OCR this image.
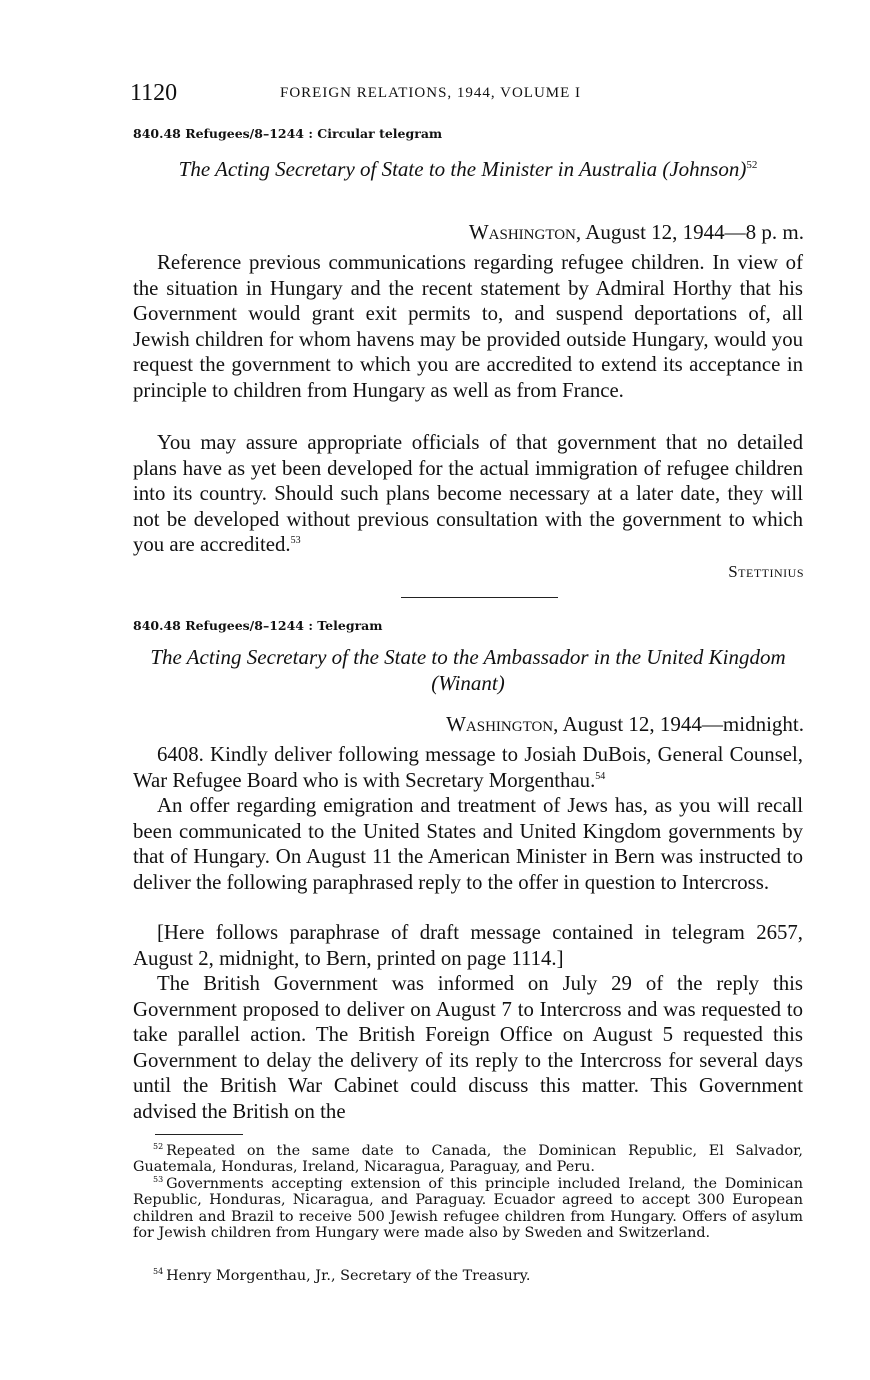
1120	FOREIGN RELATIONS, 1944, VOLUME I
840.48 Refugees/8–1244 : Circular telegram
The Acting Secretary of State to the Minister in Australia (Johnson)$^{52}$
Washington, August 12, 1944—8 p. m.

Reference previous communications regarding refugee children. In view of the situation in Hungary and the recent statement by Admiral Horthy that his Government would grant exit permits to, and suspend deportations of, all Jewish children for whom havens may be provided outside Hungary, would you request the government to which you are accredited to extend its acceptance in principle to children from Hungary as well as from France.

You may assure appropriate officials of that government that no detailed plans have as yet been developed for the actual immigration of refugee children into its country. Should such plans become necessary at a later date, they will not be developed without previous consultation with the government to which you are accredited.$^{53}$

Stettinius
840.48 Refugees/8–1244 : Telegram
The Acting Secretary of the State to the Ambassador in the United Kingdom (Winant)
Washington, August 12, 1944—midnight.

6408. Kindly deliver following message to Josiah DuBois, General Counsel, War Refugee Board who is with Secretary Morgenthau.$^{54}$

An offer regarding emigration and treatment of Jews has, as you will recall been communicated to the United States and United Kingdom governments by that of Hungary. On August 11 the American Minister in Bern was instructed to deliver the following paraphrased reply to the offer in question to Intercross.

[Here follows paraphrase of draft message contained in telegram 2657, August 2, midnight, to Bern, printed on page 1114.]

The British Government was informed on July 29 of the reply this Government proposed to deliver on August 7 to Intercross and was requested to take parallel action. The British Foreign Office on August 5 requested this Government to delay the delivery of its reply to the Intercross for several days until the British War Cabinet could discuss this matter. This Government advised the British on the

$^{52}$  Repeated on the same date to Canada, the Dominican Republic, El Salvador, Guatemala, Honduras, Ireland, Nicaragua, Paraguay, and Peru.

$^{53}$  Governments accepting extension of this principle included Ireland, the Dominican Republic, Honduras, Nicaragua, and Paraguay. Ecuador agreed to accept 300 European children and Brazil to receive 500 Jewish refugee children from Hungary. Offers of asylum for Jewish children from Hungary were made also by Sweden and Switzerland.

$^{54}$  Henry Morgenthau, Jr., Secretary of the Treasury.
